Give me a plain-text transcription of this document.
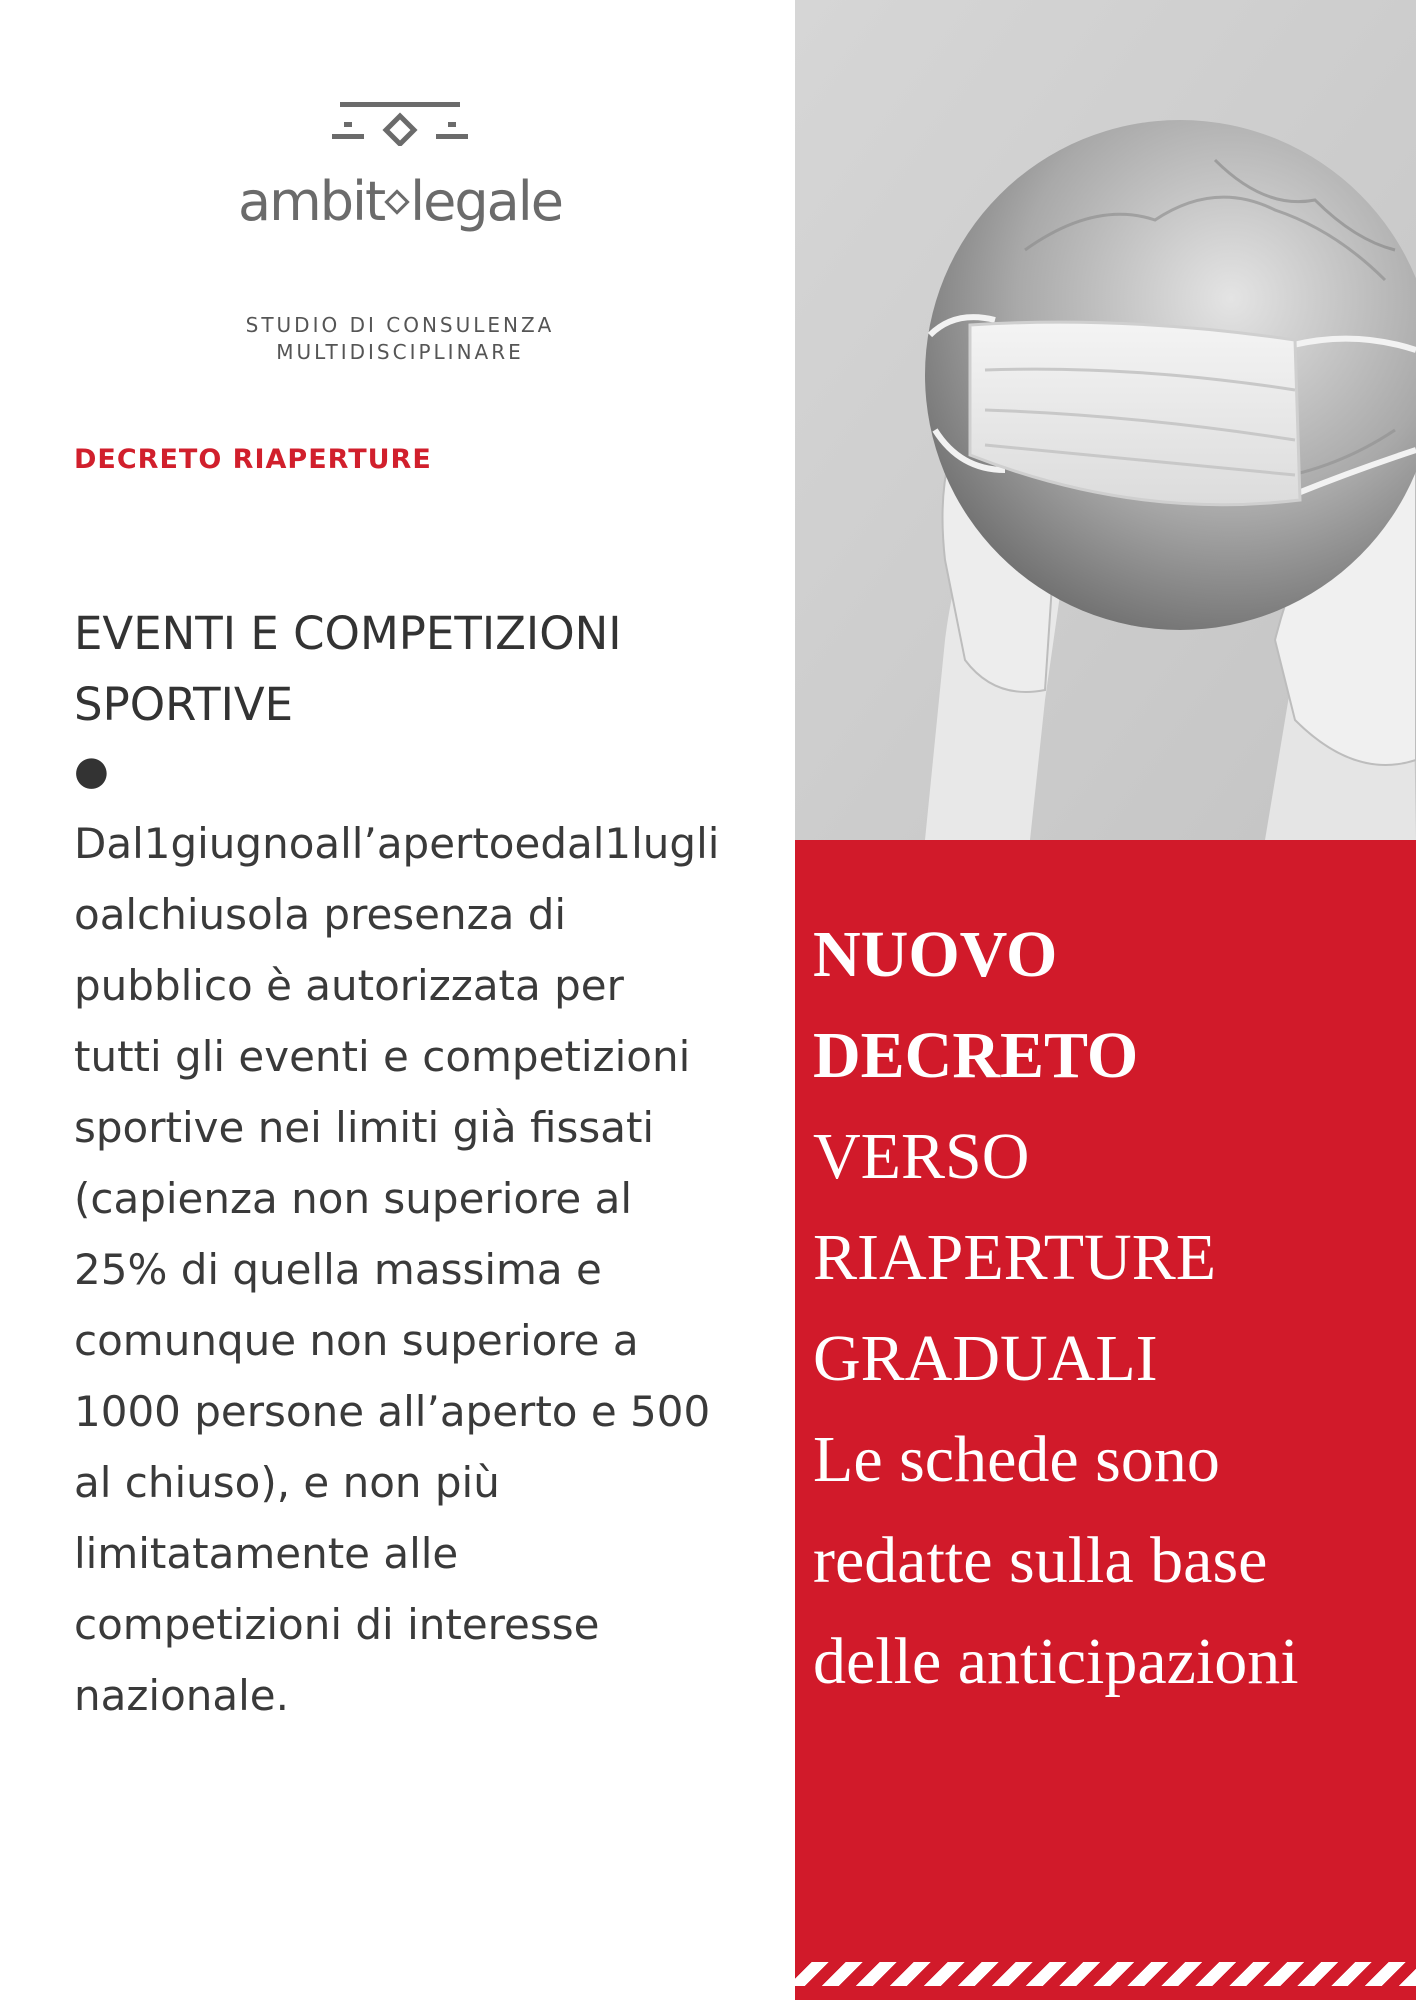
ambit legale
STUDIO DI CONSULENZA
MULTIDISCIPLINARE
DECRETO RIAPERTURE
EVENTI E COMPETIZIONI SPORTIVE
●
Dal1giugnoall’apertoedal1luglioalchiusola presenza di pubblico è autorizzata per tutti gli eventi e competizioni sportive nei limiti già fissati (capienza non superiore al 25% di quella massima e comunque non superiore a 1000 persone all’aperto e 500 al chiuso), e non più limitatamente alle competizioni di interesse nazionale.
NUOVO
DECRETO
VERSO
RIAPERTURE
GRADUALI
Le schede sono
redatte sulla base
delle anticipazioni
